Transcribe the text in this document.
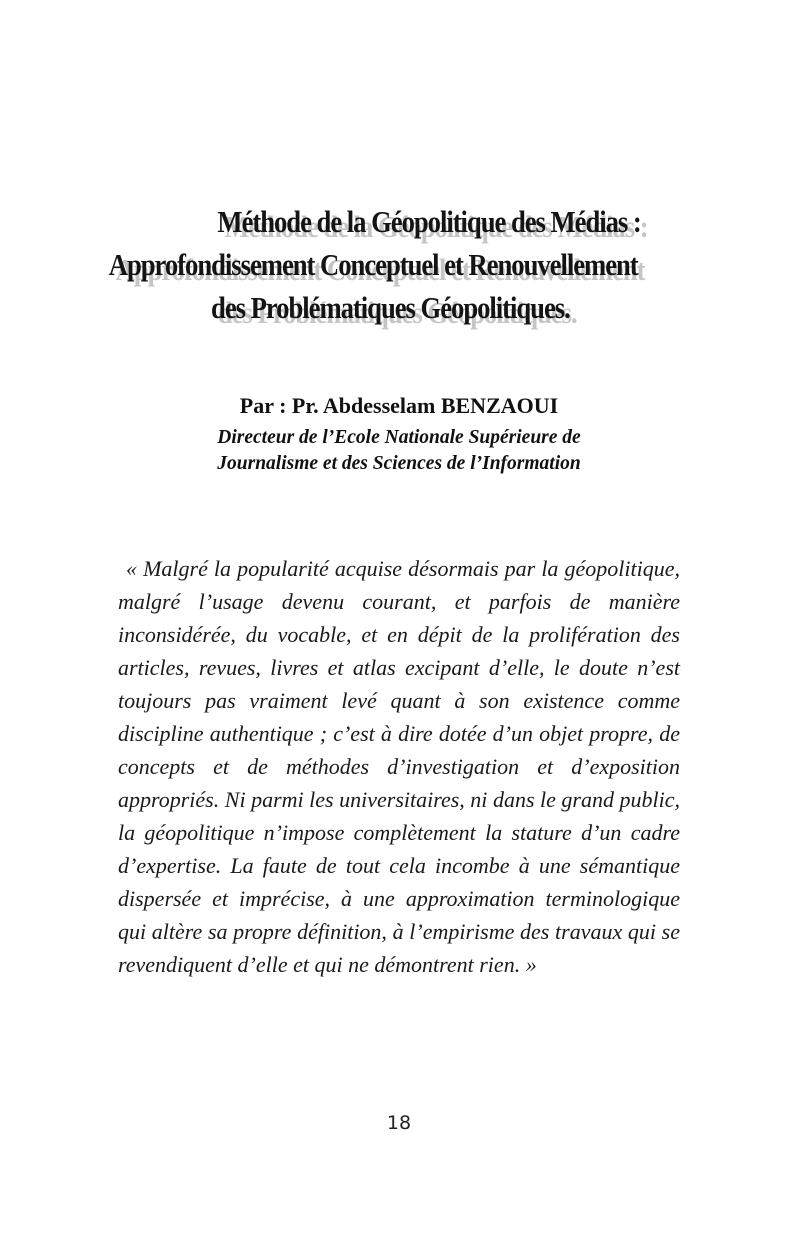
Méthode de la Géopolitique des Médias :
Approfondissement Conceptuel et Renouvellement
des Problématiques Géopolitiques.
Par : Pr. Abdesselam BENZAOUI
Directeur de l’Ecole Nationale Supérieure de
Journalisme et des Sciences de l’Information

« Malgré la popularité acquise désormais par la géopolitique, malgré l’usage devenu courant, et parfois de manière inconsidérée, du vocable, et en dépit de la prolifération des articles, revues, livres et atlas excipant d’elle, le doute n’est toujours pas vraiment levé quant à son existence comme discipline authentique ; c’est à dire dotée d’un objet propre, de concepts et de méthodes d’investigation et d’exposition appropriés. Ni parmi les universitaires, ni dans le grand public, la géopolitique n’impose complètement la stature d’un cadre d’expertise. La faute de tout cela incombe à une sémantique dispersée et imprécise, à une approximation terminologique qui altère sa propre définition, à l’empirisme des travaux qui se revendiquent d’elle et qui ne démontrent rien. »

18
